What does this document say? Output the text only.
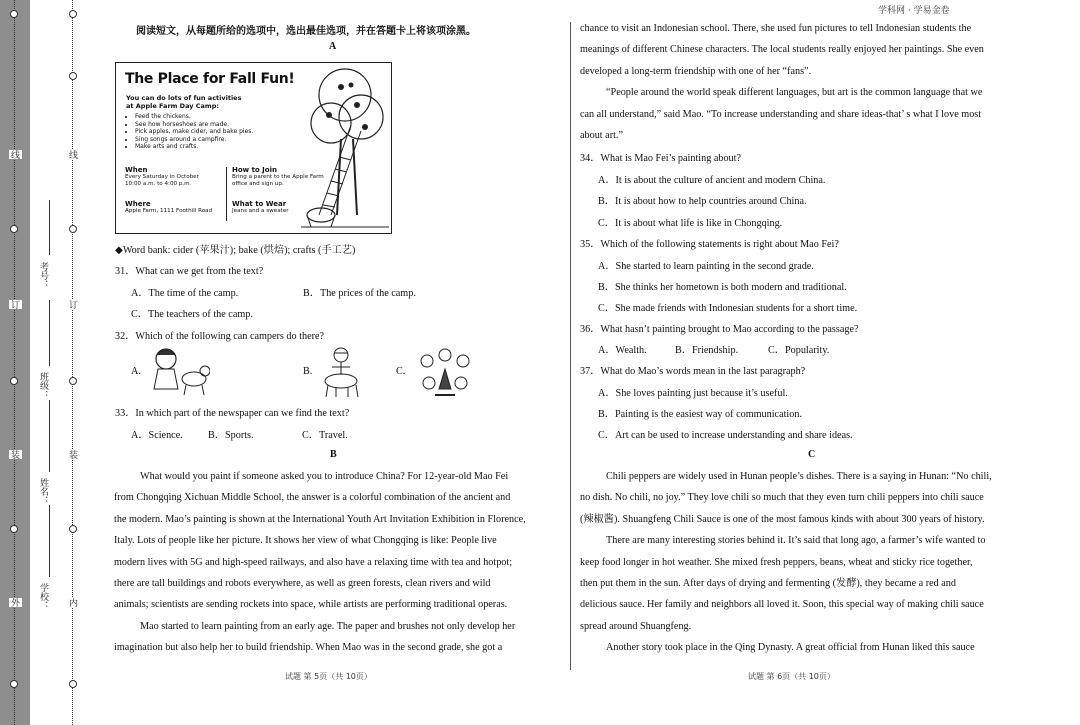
线
订
装
外
线
订
装
内
考号：
班级：
姓名：
学校：
学科网 · 学易金卷
阅读短文，从每题所给的选项中，选出最佳选项，并在答题卡上将该项涂黑。
A
The Place for Fall Fun!
You can do lots of fun activities
at Apple Farm Day Camp:
• Feed the chickens.
• See how horseshoes are made.
• Pick apples, make cider, and bake pies.
• Sing songs around a campfire.
• Make arts and crafts.
When
Every Saturday in October
10:00 a.m. to 4:00 p.m.
How to Join
Bring a parent to the Apple Farm
office and sign up.
Where
Apple Farm, 1111 Foothill Road
What to Wear
Jeans and a sweater
◆Word bank: cider (苹果汁); bake (烘焙); crafts (手工艺)
31．What can we get from the text?
A．The time of the camp.	B．The prices of the camp.
C．The teachers of the camp.
32．Which of the following can campers do there?
A.	B.	C.
33．In which part of the newspaper can we find the text?
A．Science. B．Sports.	C．Travel.
B
What would you paint if someone asked you to introduce China? For 12-year-old Mao Fei
from Chongqing Xichuan Middle School, the answer is a colorful combination of the ancient and
the modern. Mao’s painting is shown at the International Youth Art Invitation Exhibition in Florence,
Italy. Lots of people like her picture. It shows her view of what Chongqing is like: People live
modern lives with 5G and high-speed railways, and also have a relaxing time with tea and hotpot;
there are tall buildings and robots everywhere, as well as green forests, clean rivers and wild
animals; scientists are sending rockets into space, while artists are performing traditional operas.
Mao started to learn painting from an early age. The paper and brushes not only develop her
imagination but also help her to build friendship. When Mao was in the second grade, she got a
试题 第 5页（共 10页）
chance to visit an Indonesian school. There, she used fun pictures to tell Indonesian students the
meanings of different Chinese characters. The local students really enjoyed her paintings. She even
developed a long-term friendship with one of her “fans”.
“People around the world speak different languages, but art is the common language that we
can all understand,” said Mao. “To increase understanding and share ideas-that’ s what I love most
about art.”
34．What is Mao Fei’s painting about?
A．It is about the culture of ancient and modern China.
B．It is about how to help countries around China.
C．It is about what life is like in Chongqing.
35．Which of the following statements is right about Mao Fei?
A．She started to learn painting in the second grade.
B．She thinks her hometown is both modern and traditional.
C．She made friends with Indonesian students for a short time.
36．What hasn’t painting brought to Mao according to the passage?
A．Wealth.	B．Friendship.	C．Popularity.
37．What do Mao’s words mean in the last paragraph?
A．She loves painting just because it’s useful.
B．Painting is the easiest way of communication.
C．Art can be used to increase understanding and share ideas.
C
Chili peppers are widely used in Hunan people’s dishes. There is a saying in Hunan: “No chili,
no dish. No chili, no joy.” They love chili so much that they even turn chili peppers into chili sauce
(辣椒酱). Shuangfeng Chili Sauce is one of the most famous kinds with about 300 years of history.
There are many interesting stories behind it. It’s said that long ago, a farmer’s wife wanted to
keep food longer in hot weather. She mixed fresh peppers, beans, wheat and sticky rice together,
then put them in the sun. After days of drying and fermenting (发酵), they became a red and
delicious sauce. Her family and neighbors all loved it. Soon, this special way of making chili sauce
spread around Shuangfeng.
Another story took place in the Qing Dynasty. A great official from Hunan liked this sauce
试题 第 6页（共 10页）
